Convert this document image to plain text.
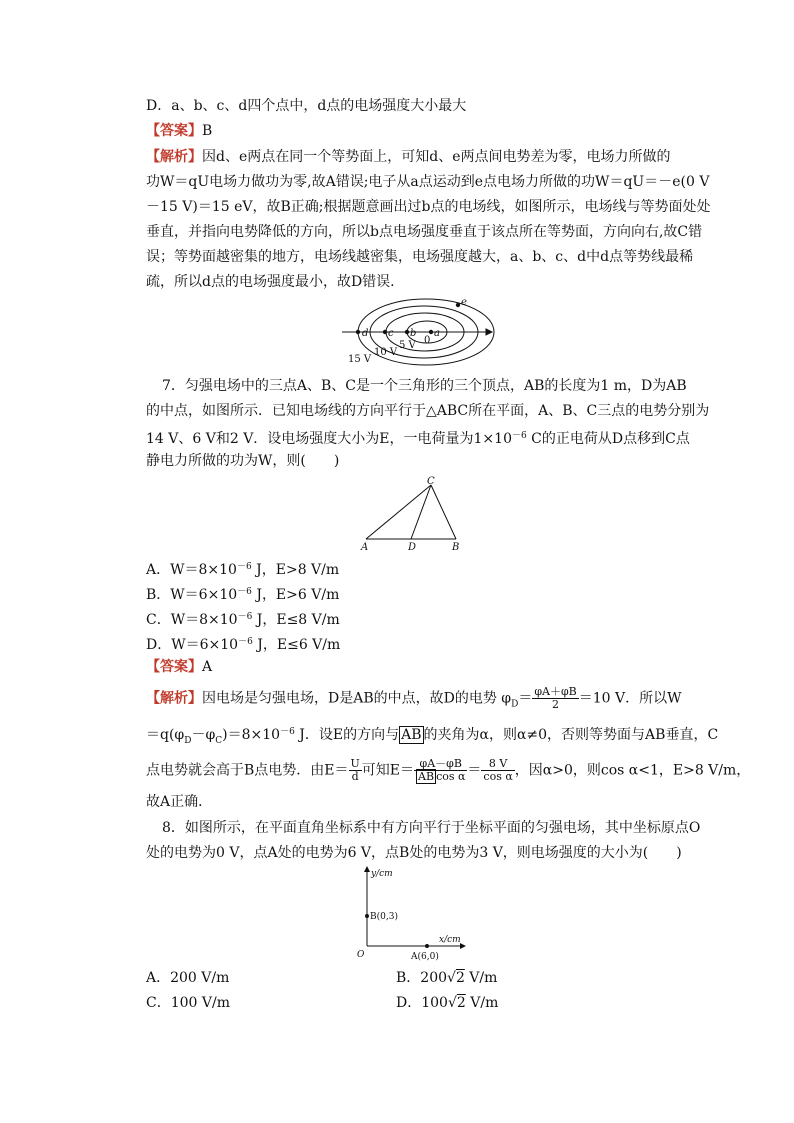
D．a、b、c、d四个点中，d点的电场强度大小最大
【答案】B
【解析】因d、e两点在同一个等势面上，可知d、e两点间电势差为零，电场力所做的
功W＝qU电场力做功为零,故A错误;电子从a点运动到e点电场力所做的功W＝qU＝－e(0 V
－15 V)＝15 eV，故B正确;根据题意画出过b点的电场线，如图所示，电场线与等势面处处
垂直，并指向电势降低的方向，所以b点电场强度垂直于该点所在等势面，方向向右,故C错
误；等势面越密集的地方，电场线越密集，电场强度越大，a、b、c、d中d点等势线最稀
疏，所以d点的电场强度最小，故D错误.
d c b a
e
15 V
10 V
5 V 0
7．匀强电场中的三点A、B、C是一个三角形的三个顶点，AB的长度为1 m，D为AB
的中点，如图所示．已知电场线的方向平行于△ABC所在平面，A、B、C三点的电势分别为
14 V、6 V和2 V．设电场强度大小为E，一电荷量为$1\times 10^{-6}$ C的正电荷从D点移到C点
静电力所做的功为W，则(　　)
A	D	B
C
A．$W=8\times 10^{-6}$ J，E>8 V/m
B．$W=6\times 10^{-6}$ J，E>6 V/m
C．$W=8\times 10^{-6}$ J，E≤8 V/m
D．$W=6\times 10^{-6}$ J，E≤6 V/m
【答案】A
【解析】因电场是匀强电场，D是AB的中点，故D的电势 $\varphi_D= \frac{\varphi A+\varphi B}{2} =10$ V．所以W
$=q(\varphi_D-\varphi_C)=8\times 10^{-6}$ J．设E的方向与 AB 的夹角为α，则α≠0，否则等势面与AB垂直，C
点电势就会高于B点电势．由$E= \frac{U}{d}$ 可知$E= \frac{\varphi A-\varphi B}{\text{AB cos α}} = \frac{8 V}{\text{cos α}}$ ，因α>0，则cos α<1，E>8 V/m，
故A正确．
8．如图所示，在平面直角坐标系中有方向平行于坐标平面的匀强电场，其中坐标原点O
处的电势为0 V，点A处的电势为6 V，点B处的电势为3 V，则电场强度的大小为(　　)
y/cm
x/cm
O
B(0,3)
A(6,0)
A．200 V/m	B．200√2 V/m
C．100 V/m	D．100√2 V/m
